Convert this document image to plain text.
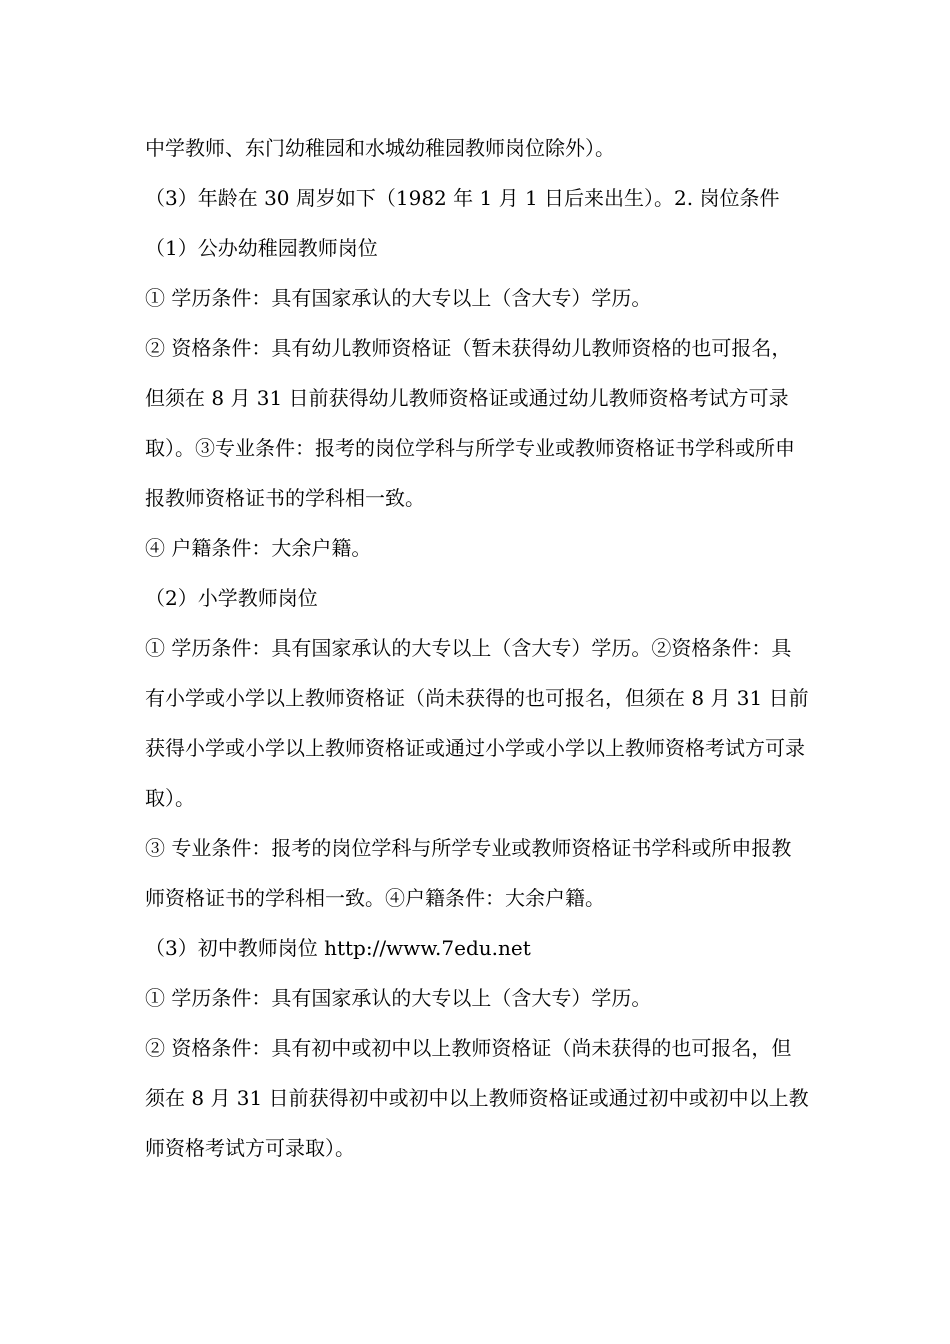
中学教师、东门幼稚园和水城幼稚园教师岗位除外）。

（3）年龄在 30 周岁如下（1982 年 1 月 1 日后来出生）。2. 岗位条件

（1）公办幼稚园教师岗位

① 学历条件：具有国家承认的大专以上（含大专）学历。

② 资格条件：具有幼儿教师资格证（暂未获得幼儿教师资格的也可报名，但须在 8 月 31 日前获得幼儿教师资格证或通过幼儿教师资格考试方可录取）。③专业条件：报考的岗位学科与所学专业或教师资格证书学科或所申报教师资格证书的学科相一致。

④ 户籍条件：大余户籍。

（2）小学教师岗位

① 学历条件：具有国家承认的大专以上（含大专）学历。②资格条件：具有小学或小学以上教师资格证（尚未获得的也可报名，但须在 8 月 31 日前获得小学或小学以上教师资格证或通过小学或小学以上教师资格考试方可录取）。

③ 专业条件：报考的岗位学科与所学专业或教师资格证书学科或所申报教师资格证书的学科相一致。④户籍条件：大余户籍。

（3）初中教师岗位 http://www.7edu.net

① 学历条件：具有国家承认的大专以上（含大专）学历。

② 资格条件：具有初中或初中以上教师资格证（尚未获得的也可报名，但须在 8 月 31 日前获得初中或初中以上教师资格证或通过初中或初中以上教师资格考试方可录取）。
